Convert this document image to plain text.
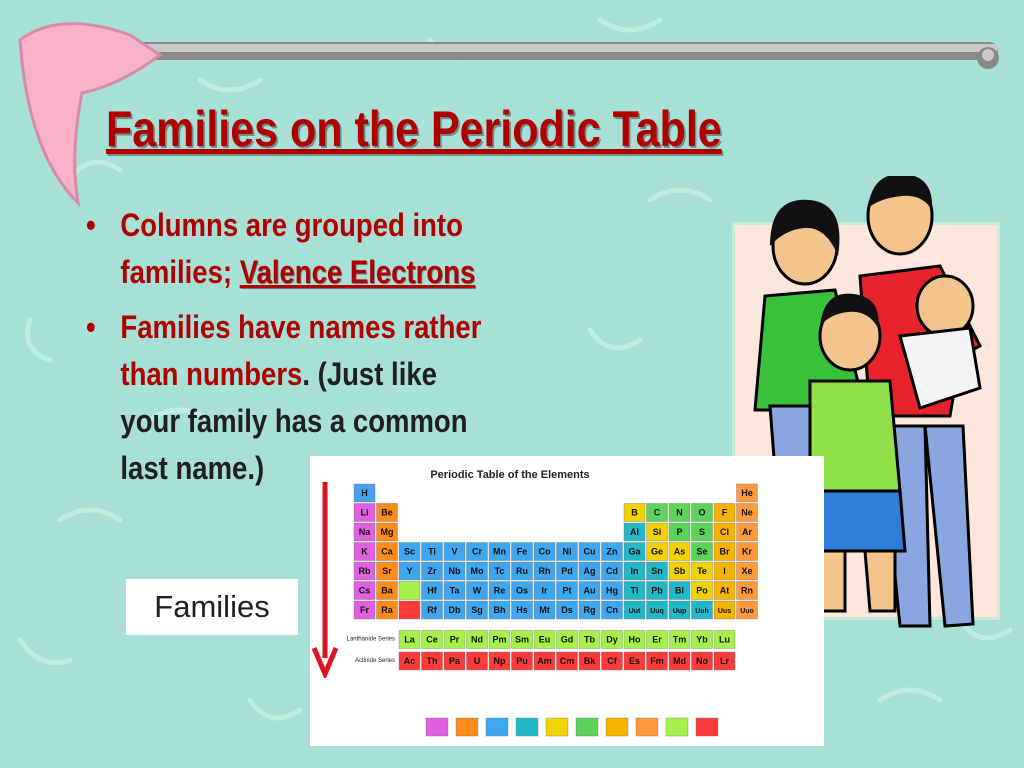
Families on the Periodic Table
• Columns are grouped into families; Valence Electrons
• Families have names rather than numbers. (Just like your family has a common last name.)	Periodic Table of the Elements
H	He
Li Be	B C N O F Ne
Na Mg	Al Si P S Cl Ar
K Ca Sc Ti V Cr Mn Fe Co Ni Cu Zn Ga Ge As Se Br Kr
Rb Sr Y Zr Nb Mo Tc Ru Rh Pd Ag Cd In Sn Sb Te I Xe
Cs Ba	Hf Ta W Re Os Ir Pt Au Hg Tl Pb Bi Po At Rn
Fr Ra	Rf Db Sg Bh Hs Mt Ds Rg Cn Uut Uuq Uup Uuh Uus Uuo
La Ce Pr Nd Pm Sm Eu Gd Tb Dy Ho Er Tm Yb Lu
Ac Th Pa U Np Pu Am Cm Bk Cf Es Fm Md No Lr
Lanthanide Series
Actinide Series
Families
